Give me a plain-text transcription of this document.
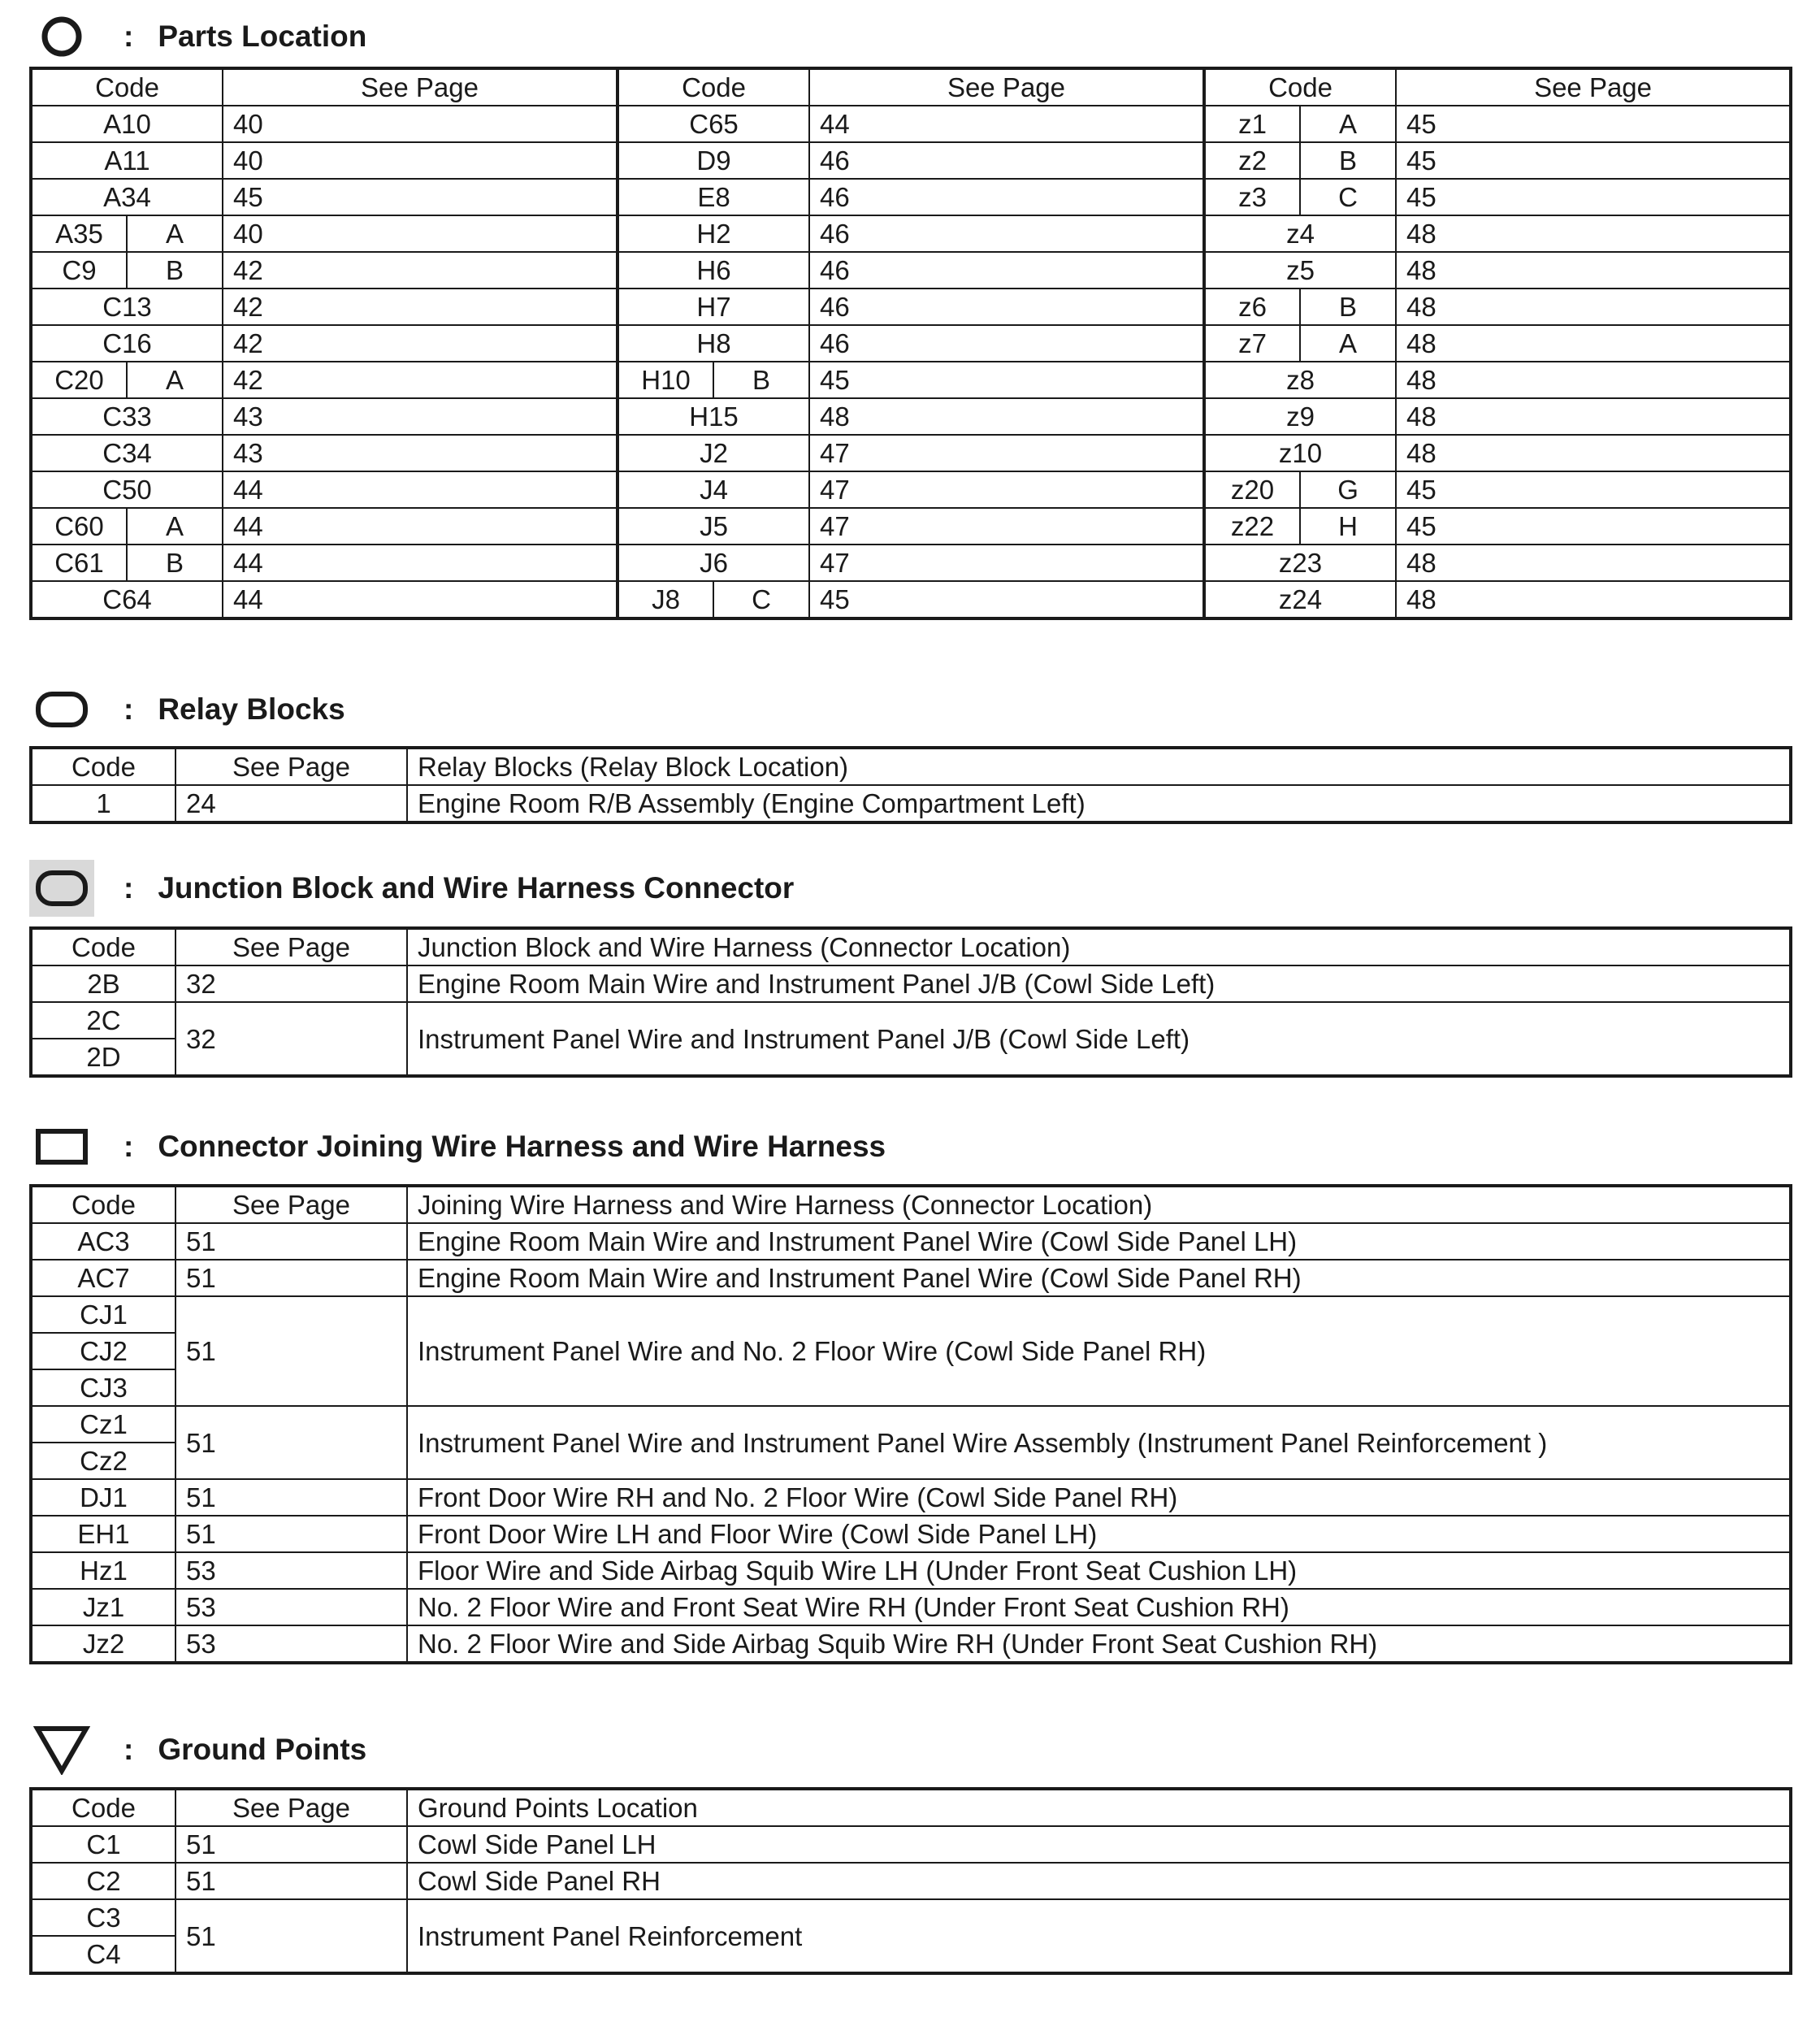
: Parts Location
Code		See Page	Code		See Page	Code		See Page
A10		40	C65		44	z1	A	45
A11		40	D9		46	z2	B	45
A34		45	E8		46	z3	C	45
A35	A	40	H2		46	z4		48
C9	B	42	H6		46	z5		48
C13		42	H7		46	z6	B	48
C16		42	H8		46	z7	A	48
C20	A	42	H10	B	45	z8		48
C33		43	H15		48	z9		48
C34		43	J2		47	z10		48
C50		44	J4		47	z20	G	45
C60	A	44	J5		47	z22	H	45
C61	B	44	J6		47	z23		48
C64		44	J8	C	45	z24		48
: Relay Blocks
Code	See Page	Relay Blocks (Relay Block Location)
1	24	Engine Room R/B Assembly (Engine Compartment Left)
: Junction Block and Wire Harness Connector
Code	See Page	Junction Block and Wire Harness (Connector Location)
2B	32	Engine Room Main Wire and Instrument Panel J/B (Cowl Side Left)
2C	32	Instrument Panel Wire and Instrument Panel J/B (Cowl Side Left)
2D		
: Connector Joining Wire Harness and Wire Harness
Code	See Page	Joining Wire Harness and Wire Harness (Connector Location)
AC3	51	Engine Room Main Wire and Instrument Panel Wire (Cowl Side Panel LH)
AC7	51	Engine Room Main Wire and Instrument Panel Wire (Cowl Side Panel RH)
CJ1	51	Instrument Panel Wire and No. 2 Floor Wire (Cowl Side Panel RH)
CJ2		
CJ3		
Cz1	51	Instrument Panel Wire and Instrument Panel Wire Assembly (Instrument Panel Reinforcement )
Cz2		
DJ1	51	Front Door Wire RH and No. 2 Floor Wire (Cowl Side Panel RH)
EH1	51	Front Door Wire LH and Floor Wire (Cowl Side Panel LH)
Hz1	53	Floor Wire and Side Airbag Squib Wire LH (Under Front Seat Cushion LH)
Jz1	53	No. 2 Floor Wire and Front Seat Wire RH (Under Front Seat Cushion RH)
Jz2	53	No. 2 Floor Wire and Side Airbag Squib Wire RH (Under Front Seat Cushion RH)
: Ground Points
Code	See Page	Ground Points Location
C1	51	Cowl Side Panel LH
C2	51	Cowl Side Panel RH
C3	51	Instrument Panel Reinforcement
C4		
